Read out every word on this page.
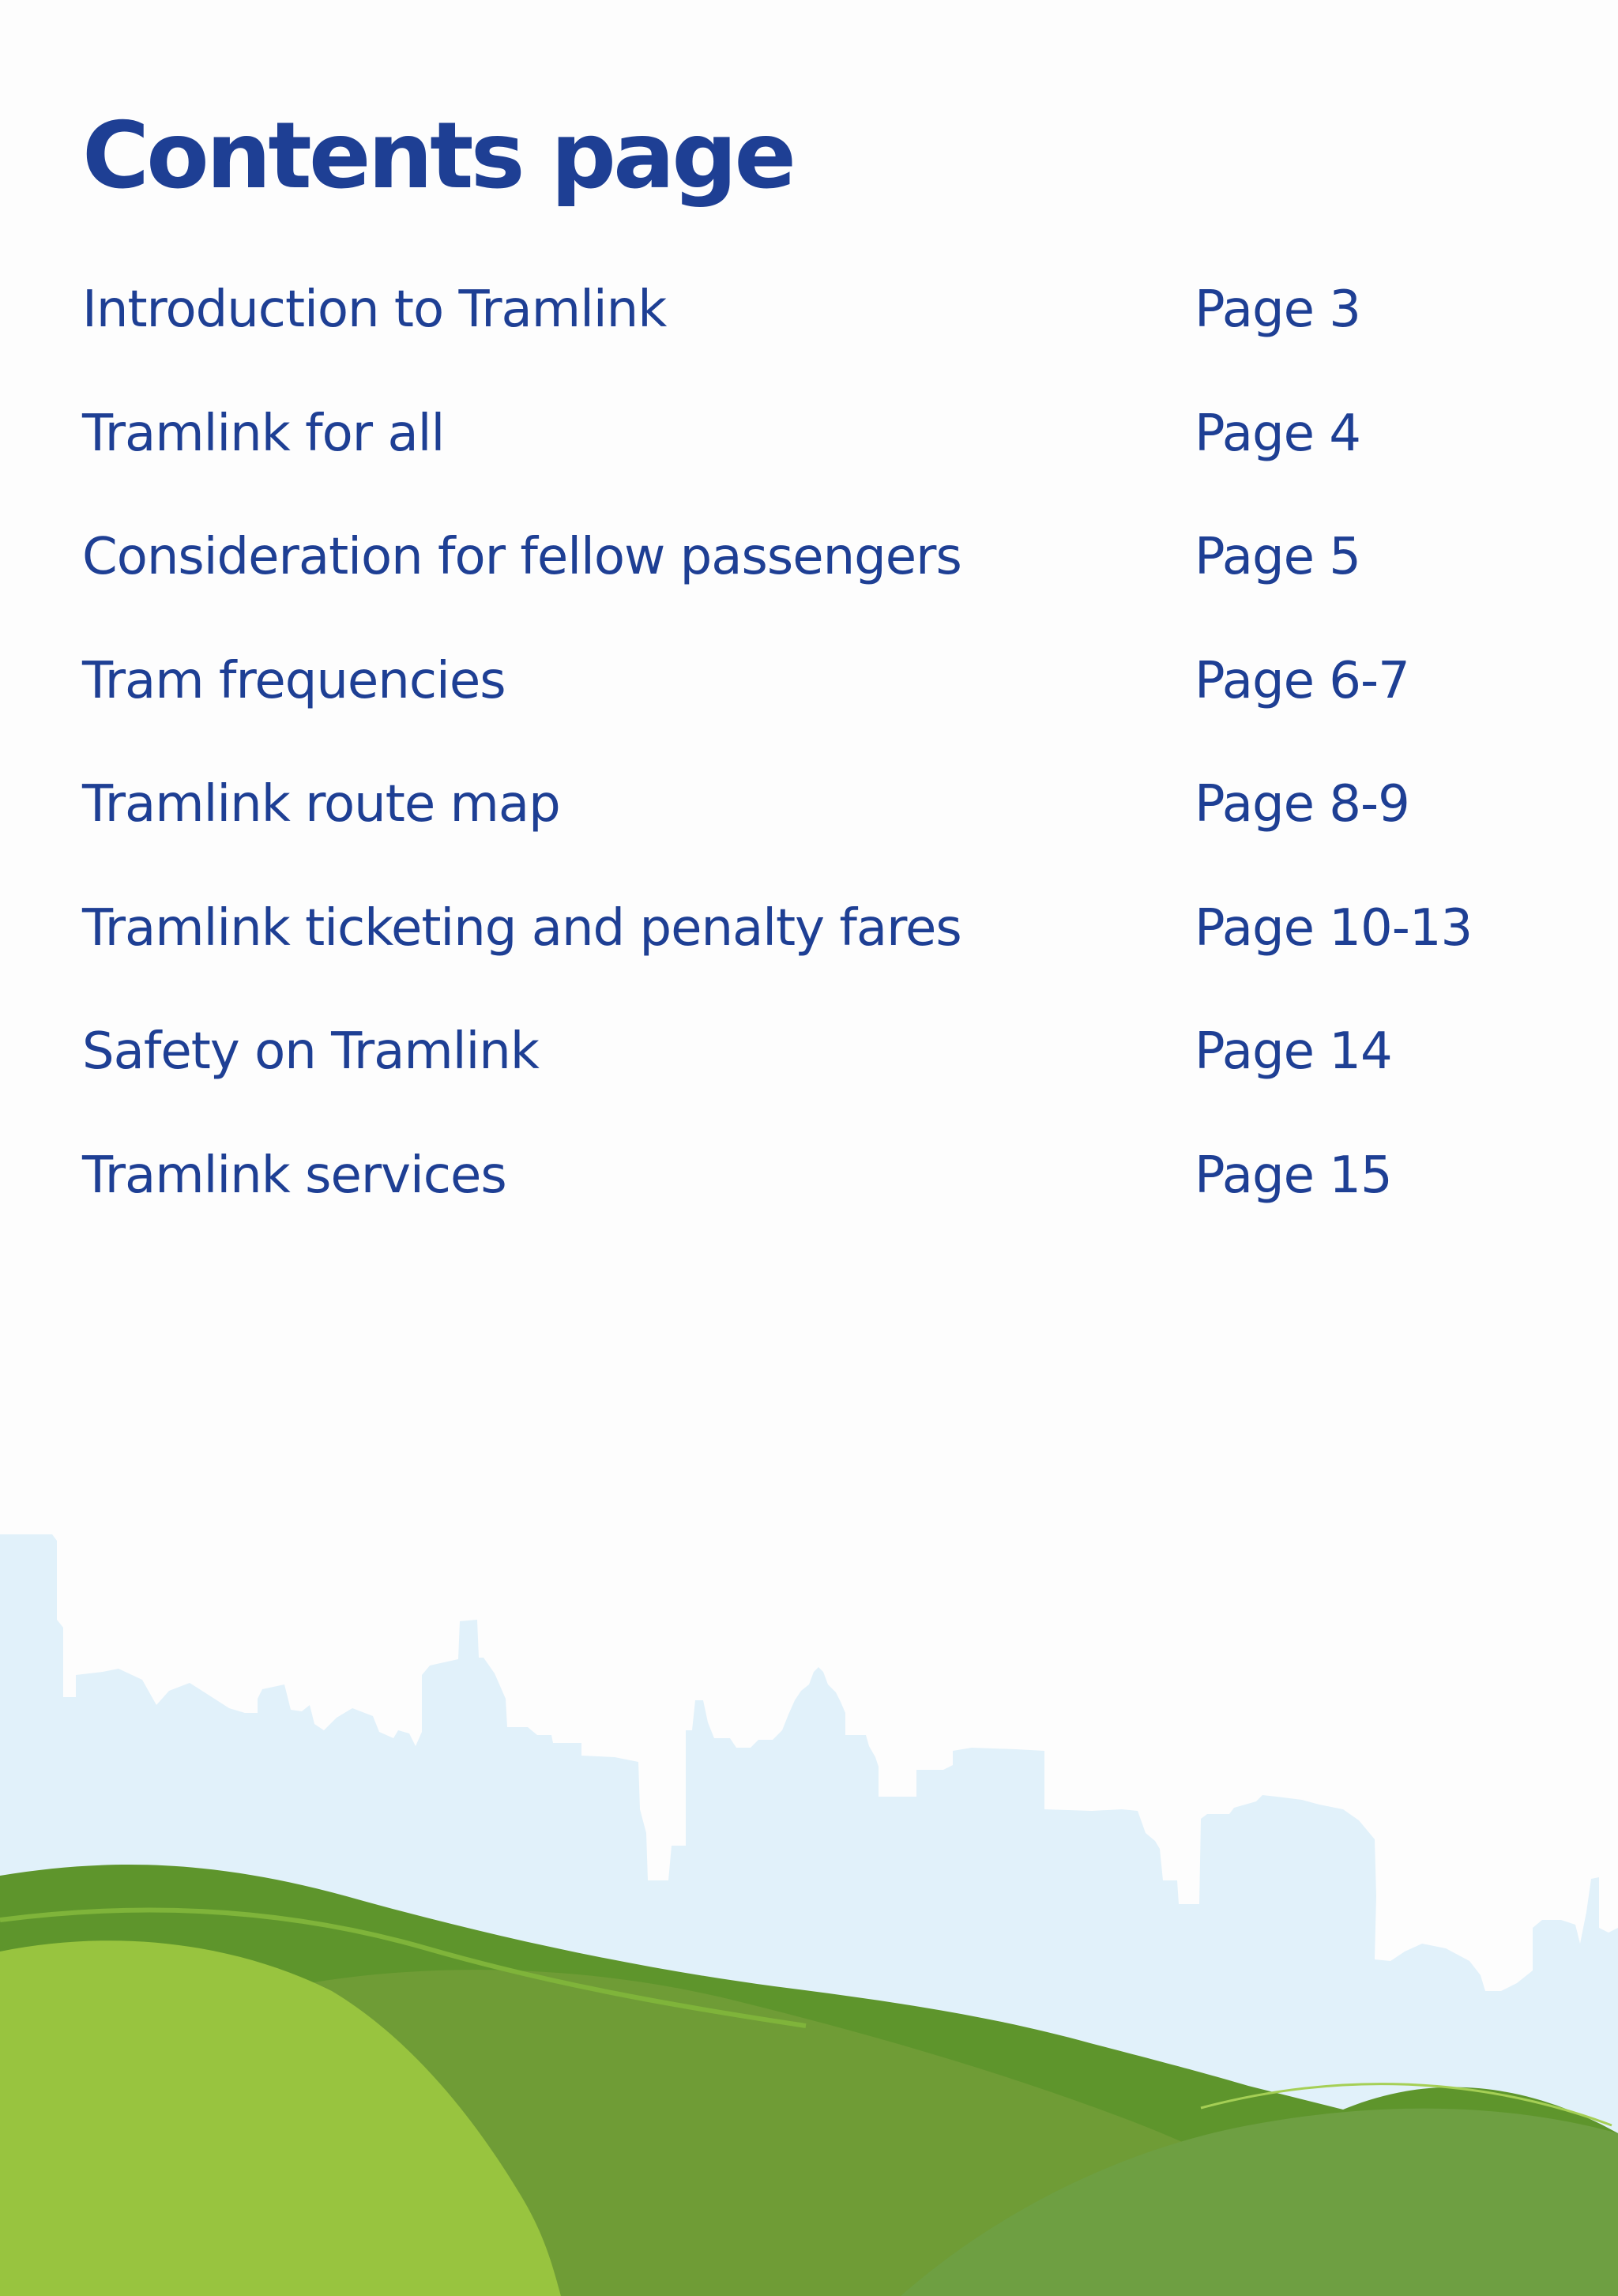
Contents page
Introduction to Tramlink	Page 3
Tramlink for all	Page 4
Consideration for fellow passengers	Page 5
Tram frequencies	Page 6-7
Tramlink route map	Page 8-9
Tramlink ticketing and penalty fares	Page 10-13
Safety on Tramlink	Page 14
Tramlink services	Page 15
